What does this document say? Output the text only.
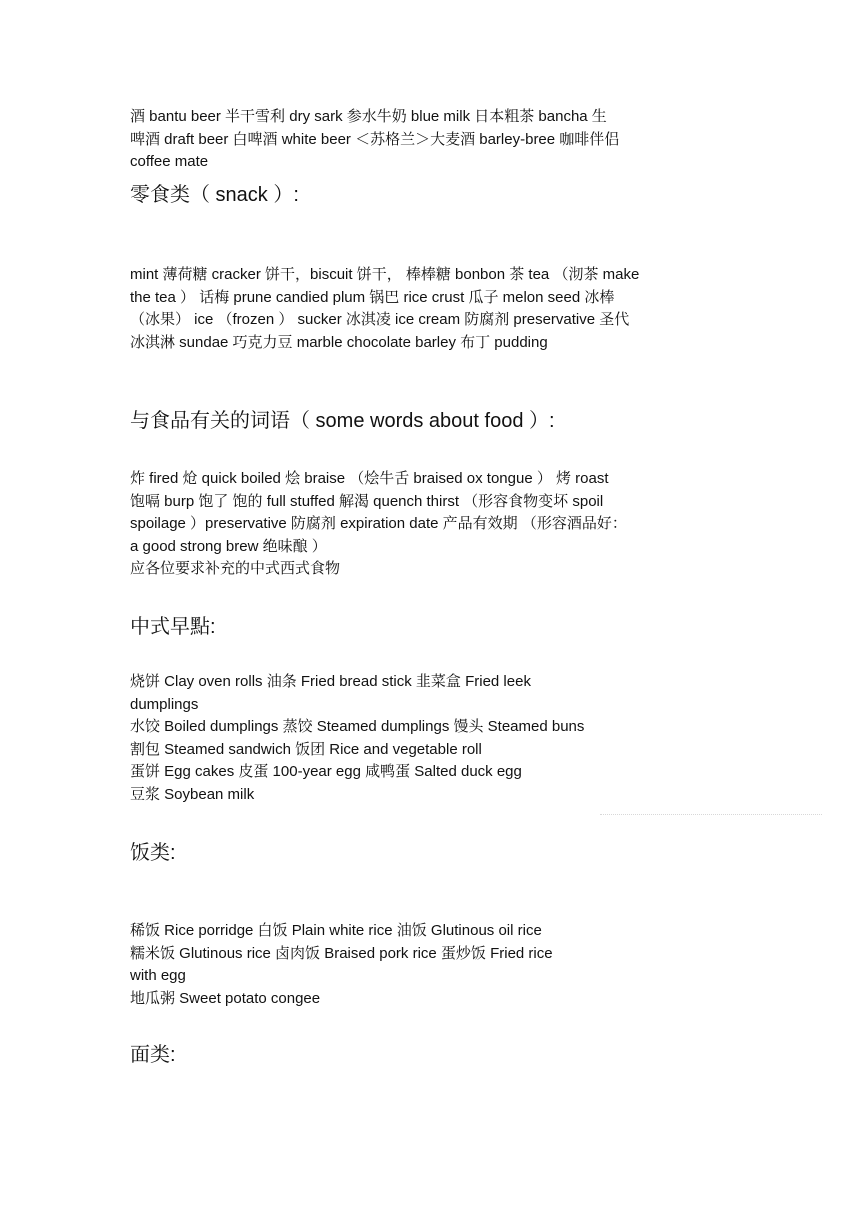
酒 bantu beer 半干雪利 dry sark 参水牛奶 blue milk 日本粗茶 bancha 生
啤酒 draft beer 白啤酒 white beer ＜苏格兰＞大麦酒 barley-bree 咖啡伴侣
coffee mate
零食类（ snack ）:
mint 薄荷糖 cracker 饼干，biscuit 饼干， 棒棒糖 bonbon 茶 tea （沏茶 make
the tea ） 话梅 prune candied plum 锅巴 rice crust 瓜子 melon seed 冰棒
（冰果） ice （frozen ） sucker 冰淇凌 ice cream 防腐剂 preservative 圣代
冰淇淋 sundae 巧克力豆 marble chocolate barley 布丁 pudding
与食品有关的词语（ some words about food ）:
炸 fired 炝 quick boiled 烩 braise （烩牛舌 braised ox tongue ） 烤 roast
饱嗝 burp 饱了 饱的 full stuffed 解渴 quench thirst （形容食物变坏 spoil
spoilage ）preservative 防腐剂 expiration date 产品有效期 （形容酒品好：
a good strong brew 绝味酿 ）
应各位要求补充的中式西式食物
中式早點:
烧饼 Clay oven rolls 油条 Fried bread stick 韭菜盒 Fried leek
dumplings
水饺 Boiled dumplings 蒸饺 Steamed dumplings 馒头 Steamed buns
割包 Steamed sandwich 饭团 Rice and vegetable roll
蛋饼 Egg cakes 皮蛋 100-year egg 咸鸭蛋 Salted duck egg
豆浆 Soybean milk
饭类:
稀饭 Rice porridge 白饭 Plain white rice 油饭 Glutinous oil rice
糯米饭 Glutinous rice 卤肉饭 Braised pork rice 蛋炒饭 Fried rice
with egg
地瓜粥 Sweet potato congee
面类:
